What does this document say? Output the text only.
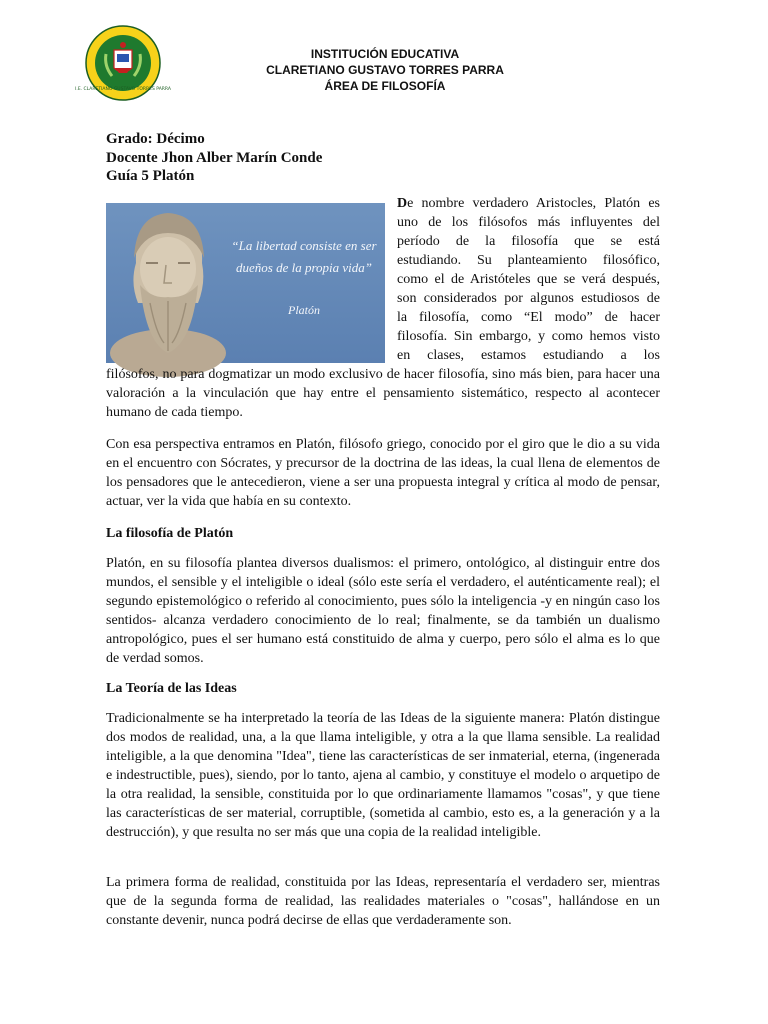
I.E. CLARETIANO GUSTAVO TORRES PARRA
INSTITUCIÓN EDUCATIVA
CLARETIANO GUSTAVO TORRES PARRA
ÁREA DE FILOSOFÍA
Grado: Décimo
Docente Jhon Alber Marín Conde
Guía 5 Platón
“La libertad consiste en ser dueños de la propia vida”
Platón
De nombre verdadero Aristocles, Platón es
uno de los filósofos más influyentes del
período de la filosofía que se está
estudiando. Su planteamiento filosófico,
como el de Aristóteles que se verá después,
son considerados por algunos estudiosos de
la filosofía, como “El modo” de hacer
filosofía. Sin embargo, y como hemos visto
en clases, estamos estudiando a los
filósofos, no para dogmatizar un modo exclusivo de hacer filosofía, sino más bien, para hacer una valoración a la vinculación que hay entre el pensamiento sistemático, respecto al acontecer humano de cada tiempo.
Con esa perspectiva entramos en Platón, filósofo griego, conocido por el giro que le dio a su vida en el encuentro con Sócrates, y precursor de la doctrina de las ideas, la cual llena de elementos de los pensadores que le antecedieron, viene a ser una propuesta integral y crítica al modo de pensar, actuar, ver la vida que había en su contexto.
La filosofía de Platón
Platón, en su filosofía plantea diversos dualismos: el primero, ontológico, al distinguir entre dos mundos, el sensible y el inteligible o ideal (sólo este sería el verdadero, el auténticamente real); el segundo epistemológico o referido al conocimiento, pues sólo la inteligencia -y en ningún caso los sentidos- alcanza verdadero conocimiento de lo real; finalmente, se da también un dualismo antropológico, pues el ser humano está constituido de alma y cuerpo, pero sólo el alma es lo que de verdad somos.
La Teoría de las Ideas
Tradicionalmente se ha interpretado la teoría de las Ideas de la siguiente manera: Platón distingue dos modos de realidad, una, a la que llama inteligible, y otra a la que llama sensible. La realidad inteligible, a la que denomina "Idea", tiene las características de ser inmaterial, eterna, (ingenerada e indestructible, pues), siendo, por lo tanto, ajena al cambio, y constituye el modelo o arquetipo de la otra realidad, la sensible, constituida por lo que ordinariamente llamamos "cosas", y que tiene las características de ser material, corruptible, (sometida al cambio, esto es, a la generación y a la destrucción), y que resulta no ser más que una copia de la realidad inteligible.
La primera forma de realidad, constituida por las Ideas, representaría el verdadero ser, mientras que de la segunda forma de realidad, las realidades materiales o "cosas", hallándose en un constante devenir, nunca podrá decirse de ellas que verdaderamente son.
